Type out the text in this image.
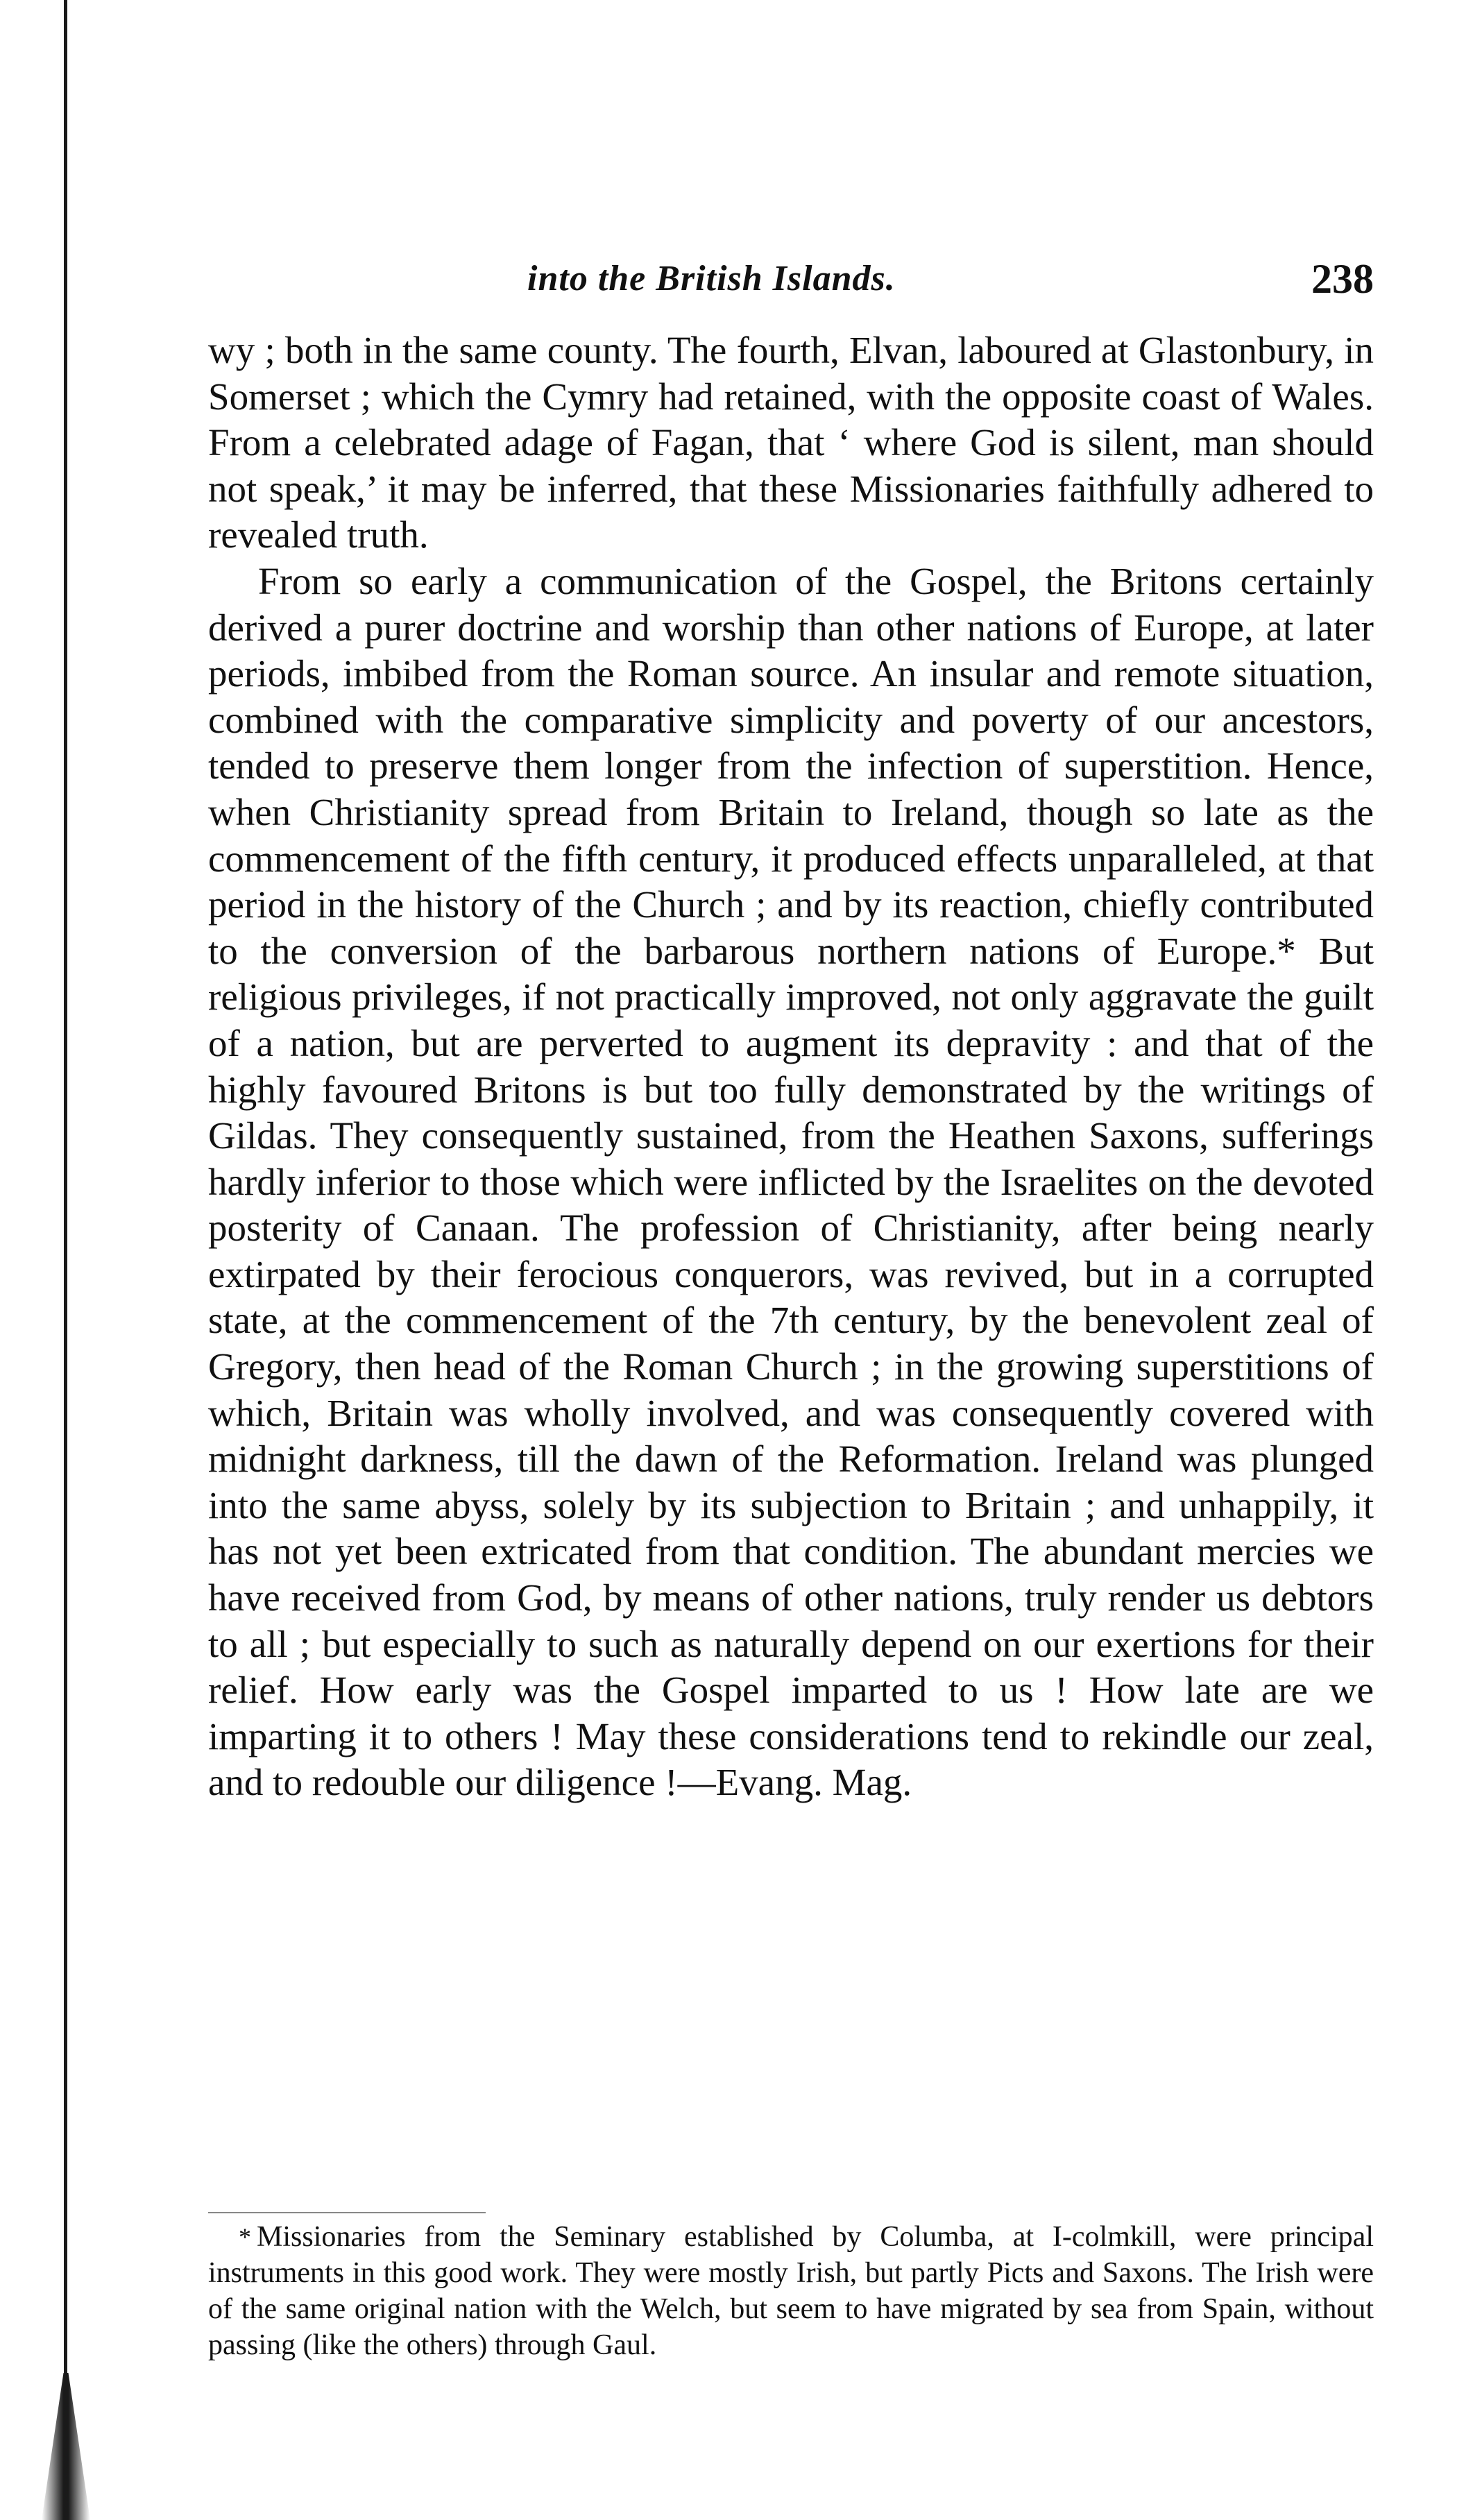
into the British Islands.	238

wy ; both in the same county. The fourth, Elvan, laboured at Glastonbury, in Somerset ; which the Cymry had retained, with the opposite coast of Wales. From a celebrated adage of Fagan, that ‘ where God is silent, man should not speak,’ it may be inferred, that these Missionaries faithfully adhered to revealed truth.

From so early a communication of the Gospel, the Britons certainly derived a purer doctrine and worship than other nations of Europe, at later periods, imbibed from the Roman source. An insular and remote situation, combined with the comparative simplicity and poverty of our ancestors, tended to preserve them longer from the infection of superstition. Hence, when Christianity spread from Britain to Ireland, though so late as the commencement of the fifth century, it produced effects unparalleled, at that period in the history of the Church ; and by its reaction, chiefly contributed to the conversion of the barbarous northern nations of Europe.* But religious privileges, if not practically improved, not only aggravate the guilt of a nation, but are perverted to augment its depravity : and that of the highly favoured Britons is but too fully demonstrated by the writings of Gildas. They consequently sustained, from the Heathen Saxons, sufferings hardly inferior to those which were inflicted by the Israelites on the devoted posterity of Canaan. The profession of Christianity, after being nearly extirpated by their ferocious conquerors, was revived, but in a corrupted state, at the commencement of the 7th century, by the benevolent zeal of Gregory, then head of the Roman Church ; in the growing superstitions of which, Britain was wholly involved, and was consequently covered with midnight darkness, till the dawn of the Reformation. Ireland was plunged into the same abyss, solely by its subjection to Britain ; and unhappily, it has not yet been extricated from that condition. The abundant mercies we have received from God, by means of other nations, truly render us debtors to all ; but especially to such as naturally depend on our exertions for their relief. How early was the Gospel imparted to us ! How late are we imparting it to others ! May these considerations tend to rekindle our zeal, and to redouble our diligence !—Evang. Mag.

* Missionaries from the Seminary established by Columba, at I-colmkill, were principal instruments in this good work. They were mostly Irish, but partly Picts and Saxons. The Irish were of the same original nation with the Welch, but seem to have migrated by sea from Spain, without passing (like the others) through Gaul.
